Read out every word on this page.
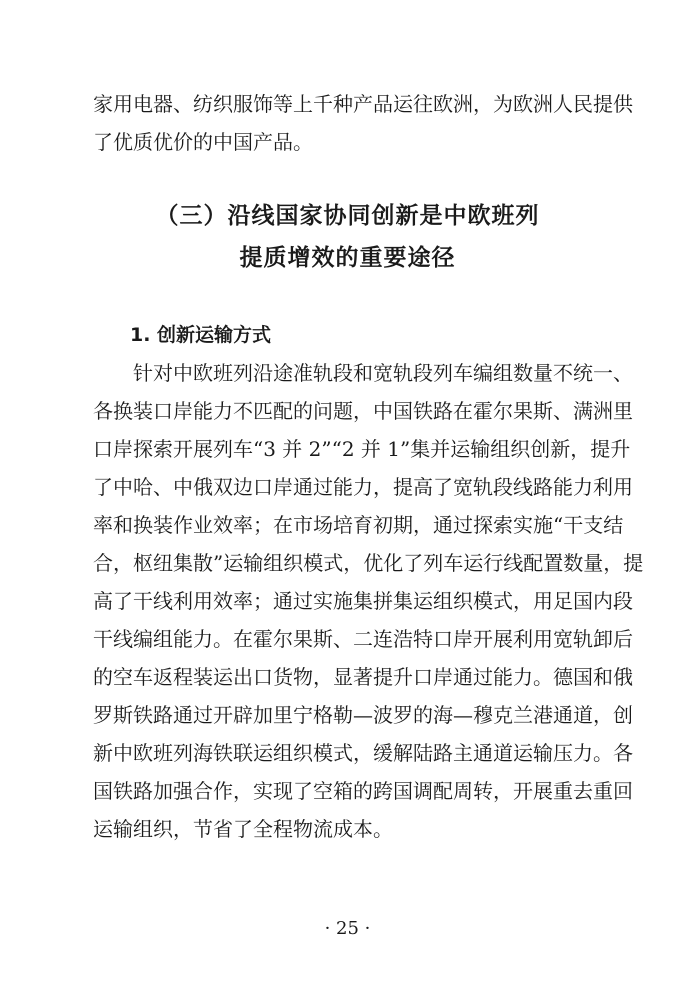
家用电器、纺织服饰等上千种产品运往欧洲，为欧洲人民提供
了优质优价的中国产品。
（三）沿线国家协同创新是中欧班列
提质增效的重要途径
1. 创新运输方式
针对中欧班列沿途准轨段和宽轨段列车编组数量不统一、
各换装口岸能力不匹配的问题，中国铁路在霍尔果斯、满洲里
口岸探索开展列车“3 并 2”“2 并 1”集并运输组织创新，提升
了中哈、中俄双边口岸通过能力，提高了宽轨段线路能力利用
率和换装作业效率；在市场培育初期，通过探索实施“干支结
合，枢纽集散”运输组织模式，优化了列车运行线配置数量，提
高了干线利用效率；通过实施集拼集运组织模式，用足国内段
干线编组能力。在霍尔果斯、二连浩特口岸开展利用宽轨卸后
的空车返程装运出口货物，显著提升口岸通过能力。德国和俄
罗斯铁路通过开辟加里宁格勒—波罗的海—穆克兰港通道，创
新中欧班列海铁联运组织模式，缓解陆路主通道运输压力。各
国铁路加强合作，实现了空箱的跨国调配周转，开展重去重回
运输组织，节省了全程物流成本。
· 25 ·
